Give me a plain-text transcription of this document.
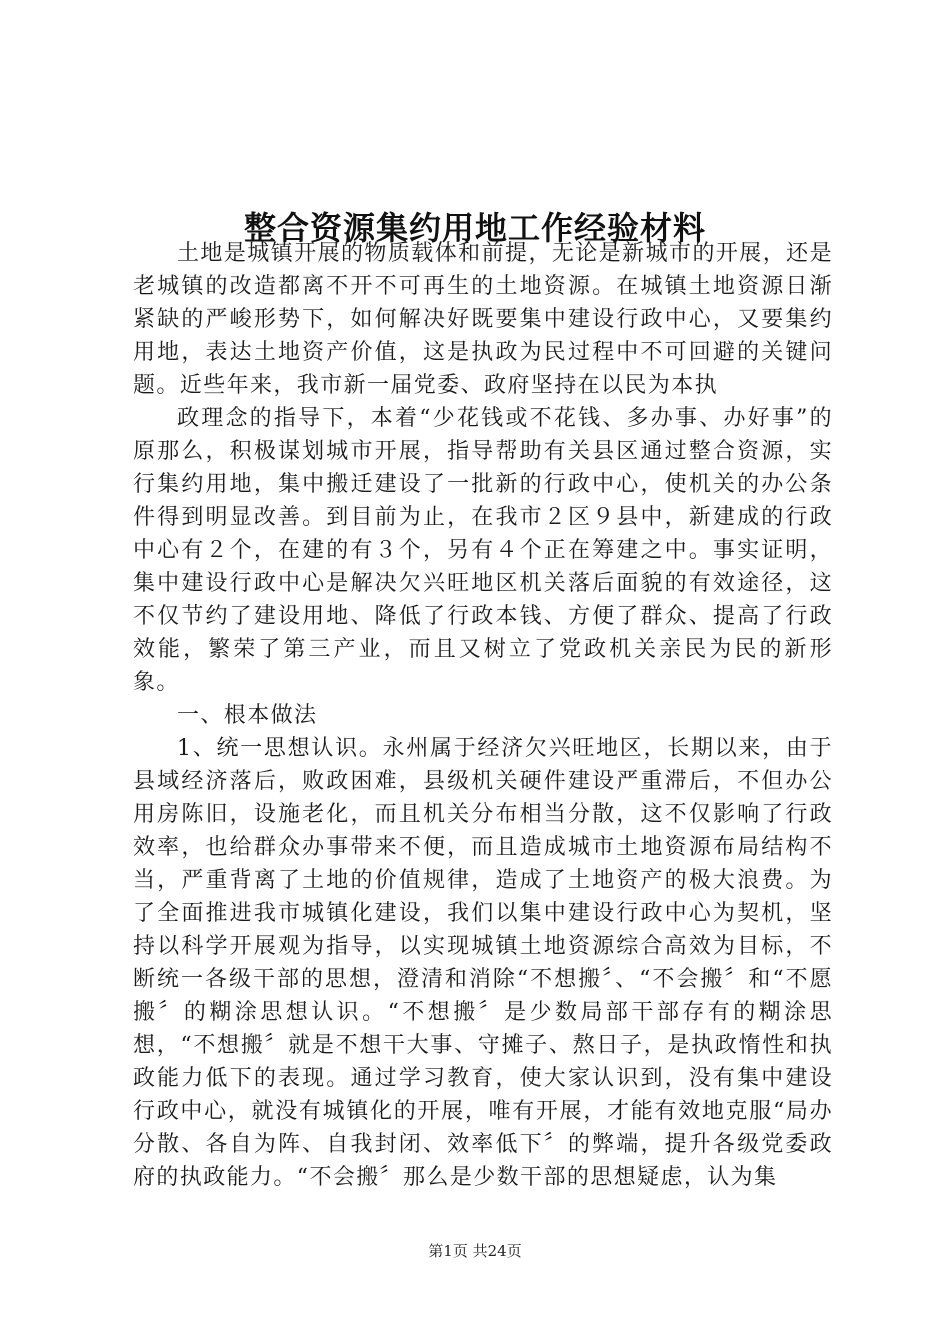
整合资源集约用地工作经验材料

土地是城镇开展的物质载体和前提，无论是新城市的开展，还是老城镇的改造都离不开不可再生的土地资源。在城镇土地资源日渐紧缺的严峻形势下，如何解决好既要集中建设行政中心，又要集约用地，表达土地资产价值，这是执政为民过程中不可回避的关键问题。近些年来，我市新一届党委、政府坚持在以民为本执

政理念的指导下，本着“少花钱或不花钱、多办事、办好事”的原那么，积极谋划城市开展，指导帮助有关县区通过整合资源，实行集约用地，集中搬迁建设了一批新的行政中心，使机关的办公条件得到明显改善。到目前为止，在我市２区９县中，新建成的行政中心有２个，在建的有３个，另有４个正在筹建之中。事实证明，集中建设行政中心是解决欠兴旺地区机关落后面貌的有效途径，这不仅节约了建设用地、降低了行政本钱、方便了群众、提高了行政效能，繁荣了第三产业，而且又树立了党政机关亲民为民的新形象。

一、根本做法

1、统一思想认识。永州属于经济欠兴旺地区，长期以来，由于县域经济落后，败政困难，县级机关硬件建设严重滞后，不但办公用房陈旧，设施老化，而且机关分布相当分散，这不仅影响了行政效率，也给群众办事带来不便，而且造成城市土地资源布局结构不当，严重背离了土地的价值规律，造成了土地资产的极大浪费。为了全面推进我市城镇化建设，我们以集中建设行政中心为契机，坚持以科学开展观为指导，以实现城镇土地资源综合高效为目标，不断统一各级干部的思想，澄清和消除“不想搬〞、“不会搬〞和“不愿搬〞的糊涂思想认识。“不想搬〞是少数局部干部存有的糊涂思想，“不想搬〞就是不想干大事、守摊子、熬日子，是执政惰性和执政能力低下的表现。通过学习教育，使大家认识到，没有集中建设行政中心，就没有城镇化的开展，唯有开展，才能有效地克服“局办分散、各自为阵、自我封闭、效率低下〞的弊端，提升各级党委政府的执政能力。“不会搬〞那么是少数干部的思想疑虑，认为集

第1页 共24页
